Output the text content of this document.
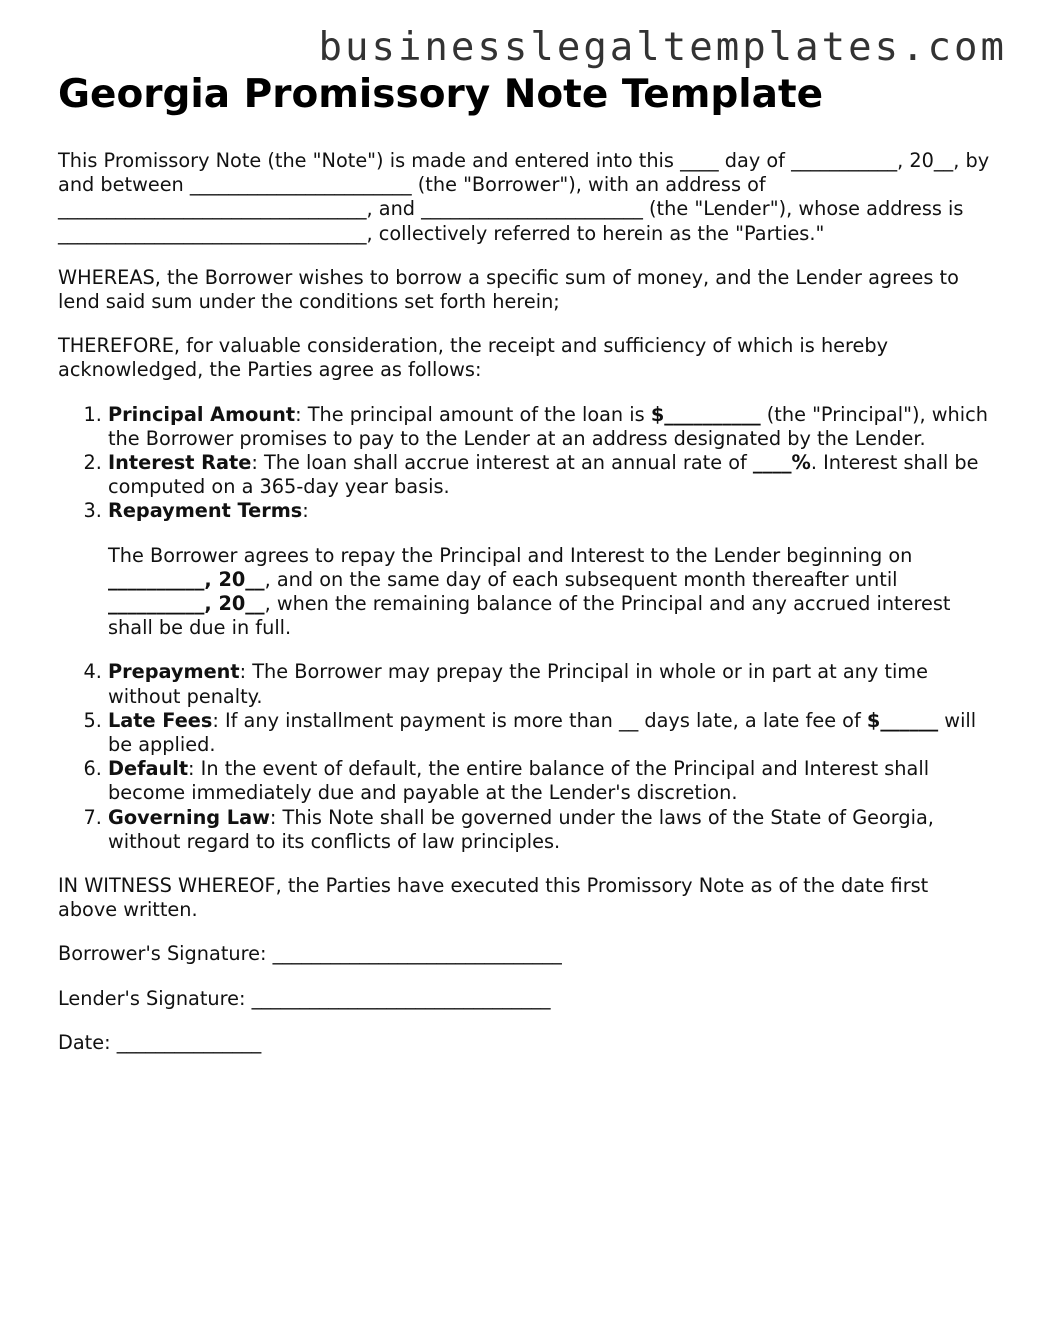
businesslegaltemplates.com
Georgia Promissory Note Template

This Promissory Note (the "Note") is made and entered into this ____ day of ___________, 20__, by and between _______________________ (the "Borrower"), with an address of ________________________________, and _______________________ (the "Lender"), whose address is ________________________________, collectively referred to herein as the "Parties."

WHEREAS, the Borrower wishes to borrow a specific sum of money, and the Lender agrees to lend said sum under the conditions set forth herein;

THEREFORE, for valuable consideration, the receipt and sufficiency of which is hereby acknowledged, the Parties agree as follows:

1. Principal Amount: The principal amount of the loan is $__________ (the "Principal"), which the Borrower promises to pay to the Lender at an address designated by the Lender.
2. Interest Rate: The loan shall accrue interest at an annual rate of ____%. Interest shall be computed on a 365-day year basis.
3. Repayment Terms:
The Borrower agrees to repay the Principal and Interest to the Lender beginning on __________, 20__, and on the same day of each subsequent month thereafter until __________, 20__, when the remaining balance of the Principal and any accrued interest shall be due in full.
4. Prepayment: The Borrower may prepay the Principal in whole or in part at any time without penalty.
5. Late Fees: If any installment payment is more than __ days late, a late fee of $______ will be applied.
6. Default: In the event of default, the entire balance of the Principal and Interest shall become immediately due and payable at the Lender's discretion.
7. Governing Law: This Note shall be governed under the laws of the State of Georgia, without regard to its conflicts of law principles.

IN WITNESS WHEREOF, the Parties have executed this Promissory Note as of the date first above written.

Borrower's Signature: ______________________________

Lender's Signature: _______________________________

Date: _______________
